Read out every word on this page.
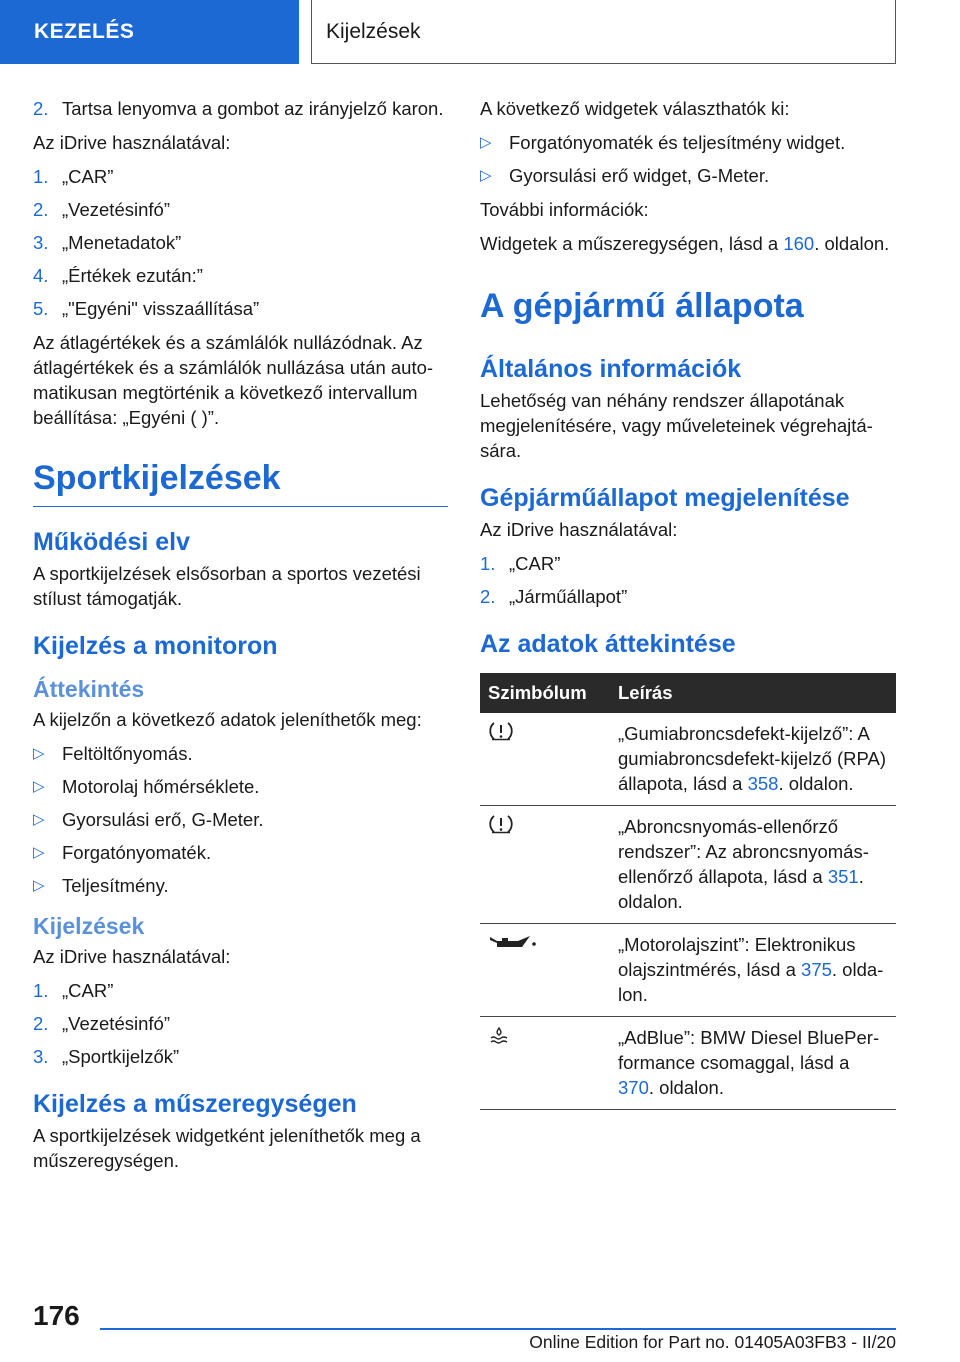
KEZELÉS	Kijelzések
2. Tartsa lenyomva a gombot az irányjelző karon.

Az iDrive használatával:

1. „CAR”
2. „Vezetésinfó”
3. „Menetadatok”
4. „Értékek ezután:”
5. „"Egyéni" visszaállítása”

Az átlagértékek és a számlálók nullázódnak. Az átlagértékek és a számlálók nullázása után automatikusan megtörténik a következő intervallum beállítása: „Egyéni ( )”.

Sportkijelzések
Működési elv

A sportkijelzések elsősorban a sportos vezetési stílust támogatják.

Kijelzés a monitoron
Áttekintés

A kijelzőn a következő adatok jeleníthetők meg:

▷ Feltöltőnyomás.
▷ Motorolaj hőmérséklete.
▷ Gyorsulási erő, G-Meter.
▷ Forgatónyomaték.
▷ Teljesítmény.
Kijelzések

Az iDrive használatával:

1. „CAR”
2. „Vezetésinfó”
3. „Sportkijelzők”
Kijelzés a műszeregységen

A sportkijelzések widgetként jeleníthetők meg a műszeregységen.

A következő widgetek választhatók ki:

▷ Forgatónyomaték és teljesítmény widget.
▷ Gyorsulási erő widget, G-Meter.

További információk:

Widgetek a műszeregységen, lásd a 160. oldalon.

A gépjármű állapota
Általános információk

Lehetőség van néhány rendszer állapotának megjelenítésére, vagy műveleteinek végrehajtására.

Gépjárműállapot megjelenítése

Az iDrive használatával:

1. „CAR”
2. „Járműállapot”
Az adatok áttekintése
Szimbólum	Leírás
	„Gumiabroncsdefekt-kijelző”: A gumiabroncsdefekt-kijelző (RPA) állapota, lásd a 358. oldalon.
	„Abroncsnyomás-ellenőrző rendszer”: Az abroncsnyomás-ellenőrző állapota, lásd a 351. oldalon.
	„Motorolajszint”: Elektronikus olajszintmérés, lásd a 375. oldalon.
	„AdBlue”: BMW Diesel BluePerformance csomaggal, lásd a 370. oldalon.
176
Online Edition for Part no. 01405A03FB3 - II/20
